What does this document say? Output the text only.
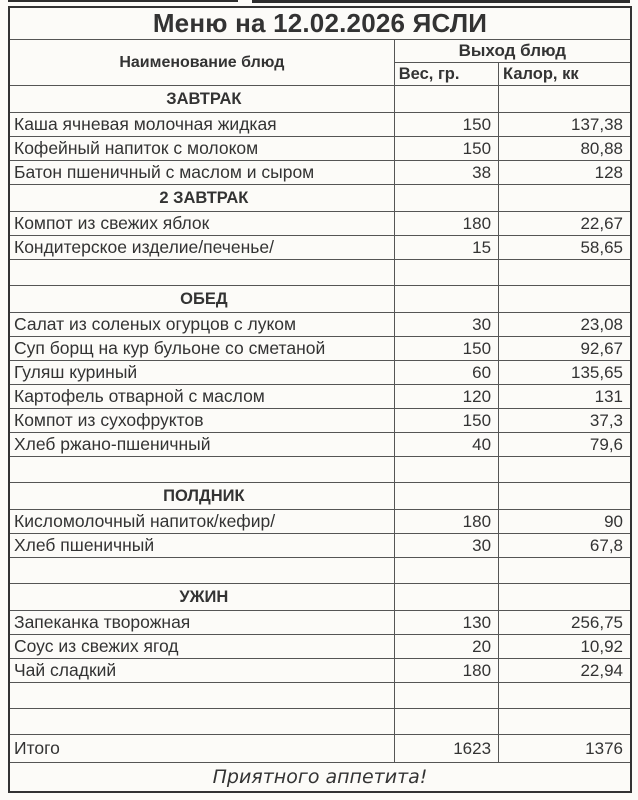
Меню на 12.02.2026 ЯСЛИ		
Наименование блюд	Выход блюд	
	Вес, гр.	Калор, кк
ЗАВТРАК		
Каша ячневая молочная жидкая	150	137,38
Кофейный напиток с молоком	150	80,88
Батон пшеничный с маслом и сыром	38	128
2 ЗАВТРАК		
Компот из свежих яблок	180	22,67
Кондитерское изделие/печенье/	15	58,65

ОБЕД		
Салат из соленых огурцов с луком	30	23,08
Суп борщ на кур бульоне со сметаной	150	92,67
Гуляш куриный	60	135,65
Картофель отварной с маслом	120	131
Компот из сухофруктов	150	37,3
Хлеб ржано-пшеничный	40	79,6

ПОЛДНИК		
Кисломолочный напиток/кефир/	180	90
Хлеб пшеничный	30	67,8

УЖИН		
Запеканка творожная	130	256,75
Соус из свежих ягод	20	10,92
Чай сладкий	180	22,94

Итого	1623	1376
Приятного аппетита!		
